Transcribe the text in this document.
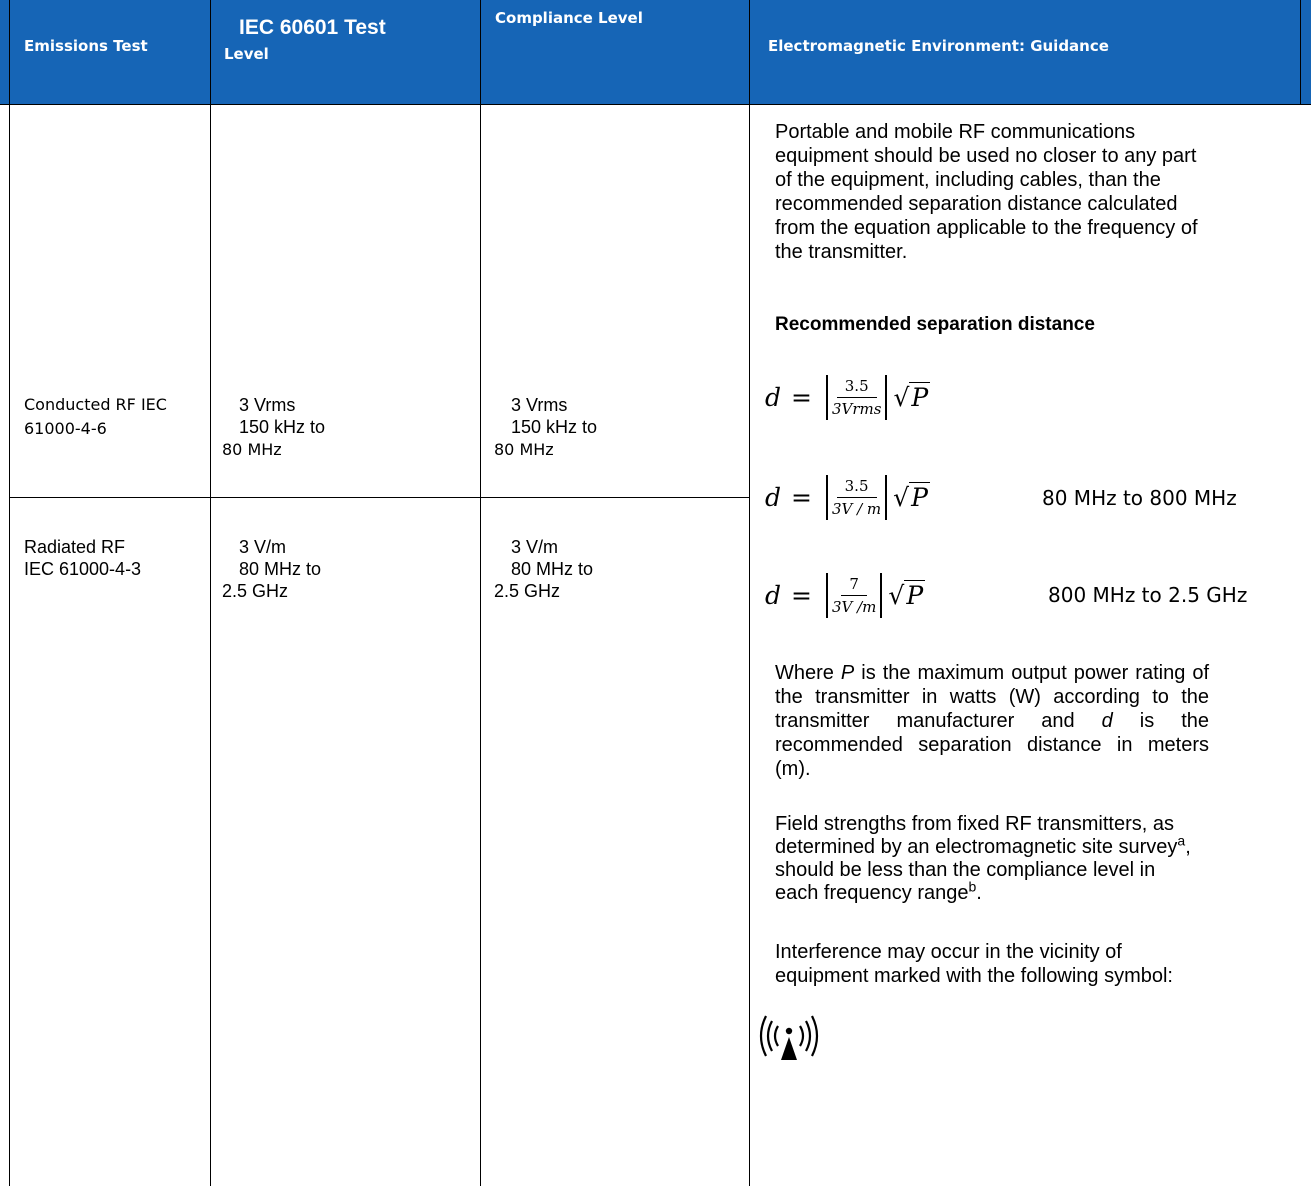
Emissions Test
IEC 60601 Test
Level
Compliance Level
Electromagnetic Environment: Guidance
Conducted RF IEC
61000-4-6
3 Vrms
150 kHz to
80 MHz
3 Vrms
150 kHz to
80 MHz
Radiated RF
IEC 61000-4-3
3 V/m
80 MHz to
2.5 GHz
3 V/m
80 MHz to
2.5 GHz
Portable and mobile RF communications
equipment should be used no closer to any part
of the equipment, including cables, than the
recommended separation distance calculated
from the equation applicable to the frequency of
the transmitter.
Recommended separation distance
$d = \frac{3.5}{\text{3Vrms}}$ √ P
$d = \frac{3.5}{3V / m}$ √ P	80 MHz to 800 MHz
$d = \frac{7}{3V /m}$ √ P	800 MHz to 2.5 GHz
Where P is the maximum output power rating of the transmitter in watts (W) according to the transmitter manufacturer and d is the recommended separation distance in meters (m).
Field strengths from fixed RF transmitters, as
determined by an electromagnetic site survey$^a$,
should be less than the compliance level in
each frequency range$^b$.
Interference may occur in the vicinity of
equipment marked with the following symbol:
